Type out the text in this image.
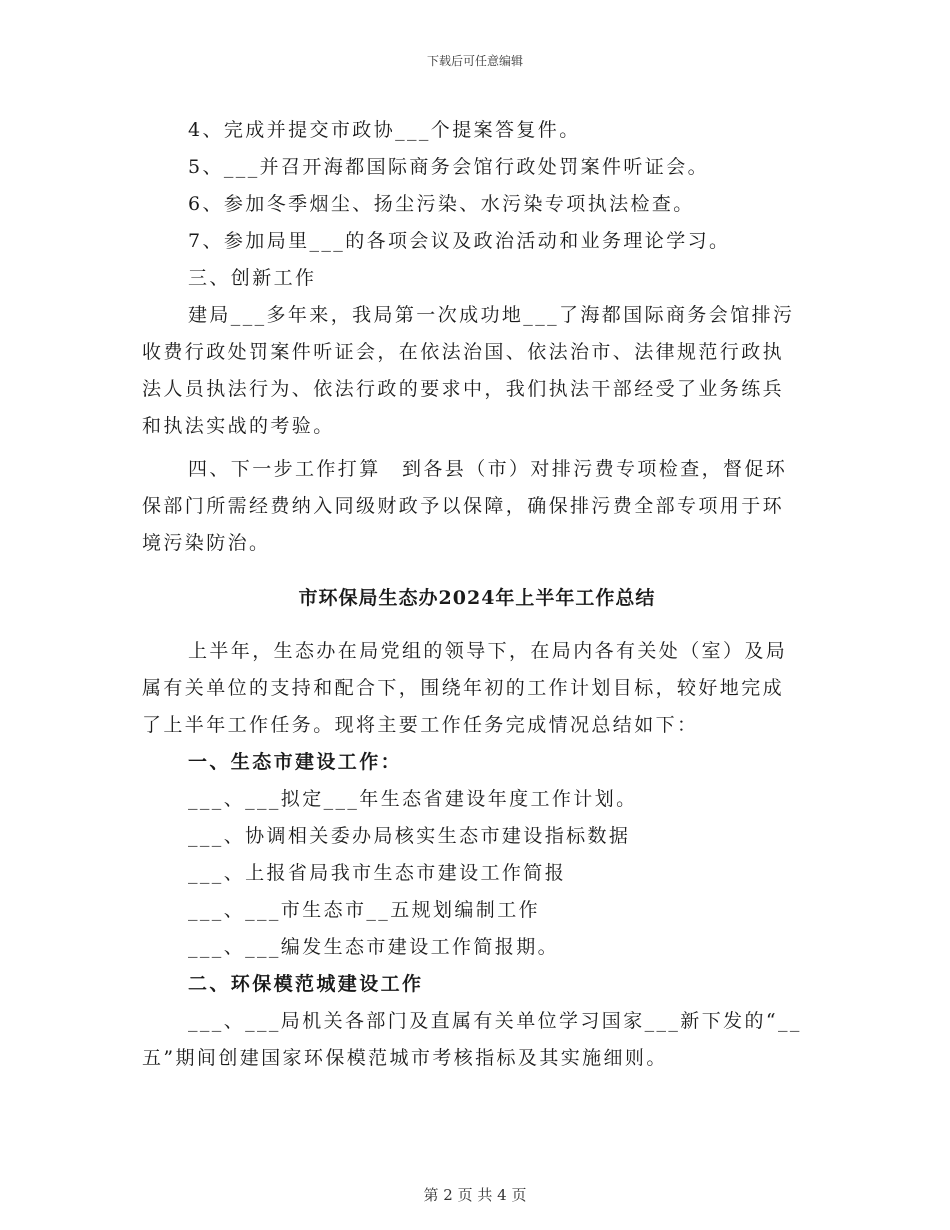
下载后可任意编辑
4、完成并提交市政协___个提案答复件。
5、___并召开海都国际商务会馆行政处罚案件听证会。
6、参加冬季烟尘、扬尘污染、水污染专项执法检查。
7、参加局里___的各项会议及政治活动和业务理论学习。
三、创新工作
建局___多年来，我局第一次成功地___了海都国际商务会馆排污
收费行政处罚案件听证会，在依法治国、依法治市、法律规范行政执
法人员执法行为、依法行政的要求中，我们执法干部经受了业务练兵
和执法实战的考验。
四、下一步工作打算　到各县（市）对排污费专项检查，督促环
保部门所需经费纳入同级财政予以保障，确保排污费全部专项用于环
境污染防治。
市环保局生态办2024年上半年工作总结
上半年，生态办在局党组的领导下，在局内各有关处（室）及局
属有关单位的支持和配合下，围绕年初的工作计划目标，较好地完成
了上半年工作任务。现将主要工作任务完成情况总结如下：
一、生态市建设工作：
___、___拟定___年生态省建设年度工作计划。
___、协调相关委办局核实生态市建设指标数据
___、上报省局我市生态市建设工作简报
___、___市生态市__五规划编制工作
___、___编发生态市建设工作简报期。
二、环保模范城建设工作
___、___局机关各部门及直属有关单位学习国家___新下发的“__
五”期间创建国家环保模范城市考核指标及其实施细则。
第 2 页 共 4 页
